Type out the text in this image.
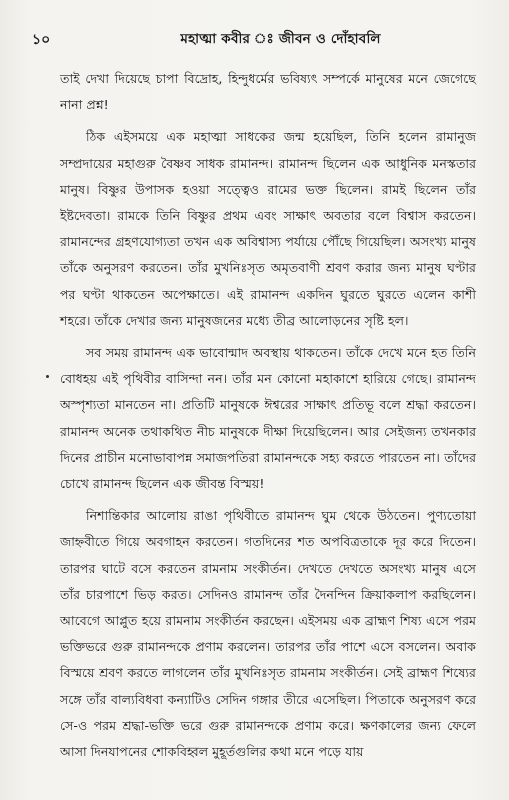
১০	মহাত্মা কবীর ঃ জীবন ও দোঁহাবলি

তাই দেখা দিয়েছে চাপা বিদ্রোহ, হিন্দুধর্মের ভবিষ্যৎ সম্পর্কে মানুষের মনে জেগেছে নানা প্রশ্ন!

ঠিক এইসময়ে এক মহাত্মা সাধকের জন্ম হয়েছিল, তিনি হলেন রামানুজ সম্প্রদায়ের মহাগুরু বৈষ্ণব সাধক রামানন্দ। রামানন্দ ছিলেন এক আধুনিক মনস্কতার মানুষ। বিষ্ণুর উপাসক হওয়া সত্ত্বেও রামের ভক্ত ছিলেন। রামই ছিলেন তাঁর ইষ্টদেবতা। রামকে তিনি বিষ্ণুর প্রথম এবং সাক্ষাৎ অবতার বলে বিশ্বাস করতেন। রামানন্দের গ্রহণযোগ্যতা তখন এক অবিশ্বাস্য পর্যায়ে পৌঁছে গিয়েছিল। অসংখ্য মানুষ তাঁকে অনুসরণ করতেন। তাঁর মুখনিঃসৃত অমৃতবাণী শ্রবণ করার জন্য মানুষ ঘণ্টার পর ঘণ্টা থাকতেন অপেক্ষাতে। এই রামানন্দ একদিন ঘুরতে ঘুরতে এলেন কাশী শহরে। তাঁকে দেখার জন্য মানুষজনের মধ্যে তীব্র আলোড়নের সৃষ্টি হল।

সব সময় রামানন্দ এক ভাবোন্মাদ অবস্থায় থাকতেন। তাঁকে দেখে মনে হত তিনি বোধহয় এই পৃথিবীর বাসিন্দা নন। তাঁর মন কোনো মহাকাশে হারিয়ে গেছে। রামানন্দ অস্পৃশ্যতা মানতেন না। প্রতিটি মানুষকে ঈশ্বরের সাক্ষাৎ প্রতিভূ বলে শ্রদ্ধা করতেন। রামানন্দ অনেক তথাকথিত নীচ মানুষকে দীক্ষা দিয়েছিলেন। আর সেইজন্য তখনকার দিনের প্রাচীন মনোভাবাপন্ন সমাজপতিরা রামানন্দকে সহ্য করতে পারতেন না। তাঁদের চোখে রামানন্দ ছিলেন এক জীবন্ত বিস্ময়!

নিশান্তিকার আলোয় রাঙা পৃথিবীতে রামানন্দ ঘুম থেকে উঠতেন। পুণ্যতোয়া জাহ্নবীতে গিয়ে অবগাহন করতেন। গতদিনের শত অপবিত্রতাকে দূর করে দিতেন। তারপর ঘাটে বসে করতেন রামনাম সংকীর্তন। দেখতে দেখতে অসংখ্য মানুষ এসে তাঁর চারপাশে ভিড় করত। সেদিনও রামানন্দ তাঁর দৈনন্দিন ক্রিয়াকলাপ করছিলেন। আবেগে আপ্লুত হয়ে রামনাম সংকীর্তন করছেন। এইসময় এক ব্রাহ্মণ শিষ্য এসে পরম ভক্তিভরে গুরু রামানন্দকে প্রণাম করলেন। তারপর তাঁর পাশে এসে বসলেন। অবাক বিস্ময়ে শ্রবণ করতে লাগলেন তাঁর মুখনিঃসৃত রামনাম সংকীর্তন। সেই ব্রাহ্মণ শিষ্যের সঙ্গে তাঁর বাল্যবিধবা কন্যাটিও সেদিন গঙ্গার তীরে এসেছিল। পিতাকে অনুসরণ করে সে-ও পরম শ্রদ্ধা-ভক্তি ভরে গুরু রামানন্দকে প্রণাম করে। ক্ষণকালের জন্য ফেলে আসা দিনযাপনের শোকবিহ্বল মুহূর্তগুলির কথা মনে পড়ে যায়
